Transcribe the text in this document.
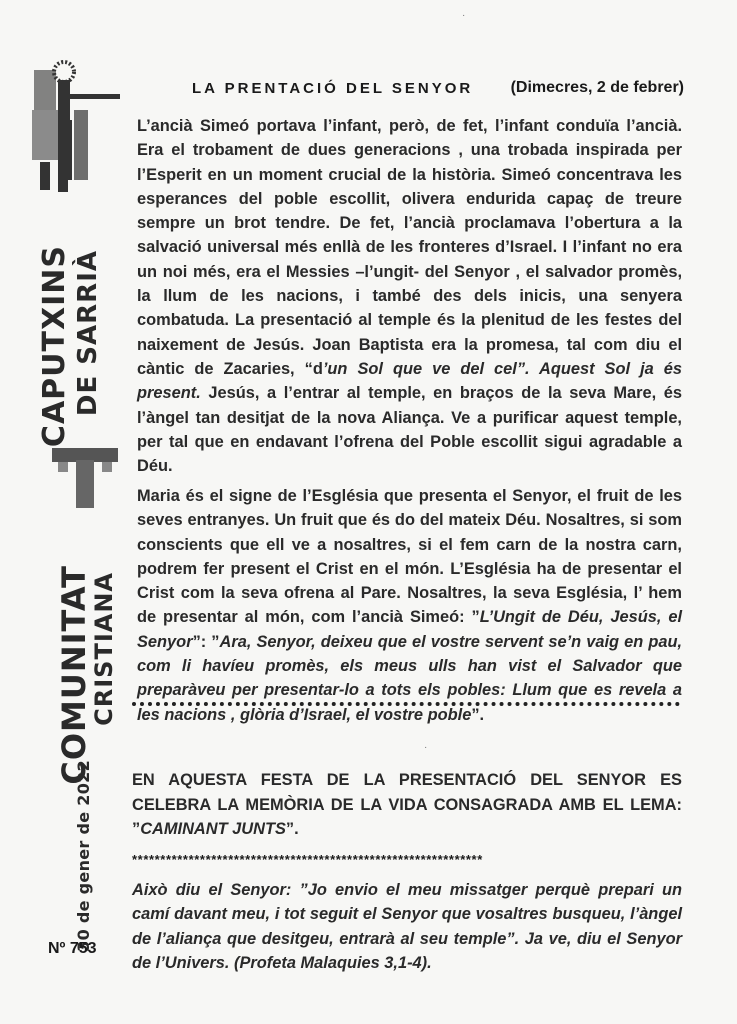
CAPUTXINS DE SARRIÀ
COMUNITAT
CRISTIANA
30 de gener de 2022
Nº 753
LA PRENTACIÓ DEL SENYOR (Dimecres, 2 de febrer)
L’ancià Simeó portava l’infant, però, de fet, l’infant conduïa l’ancià. Era el trobament de dues generacions , una trobada inspirada per l’Esperit en un moment crucial de la història. Simeó concentrava les esperances del poble escollit, olivera endurida capaç de treure sempre un brot tendre. De fet, l’ancià proclamava l’obertura a la salvació universal més enllà de les fronteres d’Israel. I l’infant no era un noi més, era el Messies –l’ungit- del Senyor , el salvador promès, la llum de les nacions, i també des dels inicis, una senyera combatuda. La presentació al temple és la plenitud de les festes del naixement de Jesús. Joan Baptista era la promesa, tal com diu el càntic de Zacaries, “d’un Sol que ve del cel”. Aquest Sol ja és present. Jesús, a l’entrar al temple, en braços de la seva Mare, és l’àngel tan desitjat de la nova Aliança. Ve a purificar aquest temple, per tal que en endavant l’ofrena del Poble escollit sigui agradable a Déu.
Maria és el signe de l’Església que presenta el Senyor, el fruit de les seves entranyes. Un fruit que és do del mateix Déu. Nosaltres, si som conscients que ell ve a nosaltres, si el fem carn de la nostra carn, podrem fer present el Crist en el món. L’Església ha de presentar el Crist com la seva ofrena al Pare. Nosaltres, la seva Església, l’ hem de presentar al món, com l’ancià Simeó: ”L’Ungit de Déu, Jesús, el Senyor”: ”Ara, Senyor, deixeu que el vostre servent se’n vaig en pau, com li havíeu promès, els meus ulls han vist el Salvador que preparàveu per presentar-lo a tots els pobles: Llum que es revela a les nacions , glòria d’Israel, el vostre poble”.
EN AQUESTA FESTA DE LA PRESENTACIÓ DEL SENYOR ES CELEBRA LA MEMÒRIA DE LA VIDA CONSAGRADA AMB EL LEMA: ”CAMINANT JUNTS”.
**************************************************************
Això diu el Senyor: ”Jo envio el meu missatger perquè prepari un camí davant meu, i tot seguit el Senyor que vosaltres busqueu, l’àngel de l’aliança que desitgeu, entrarà al seu temple”. Ja ve, diu el Senyor de l’Univers. (Profeta Malaquies 3,1-4).
·
·
